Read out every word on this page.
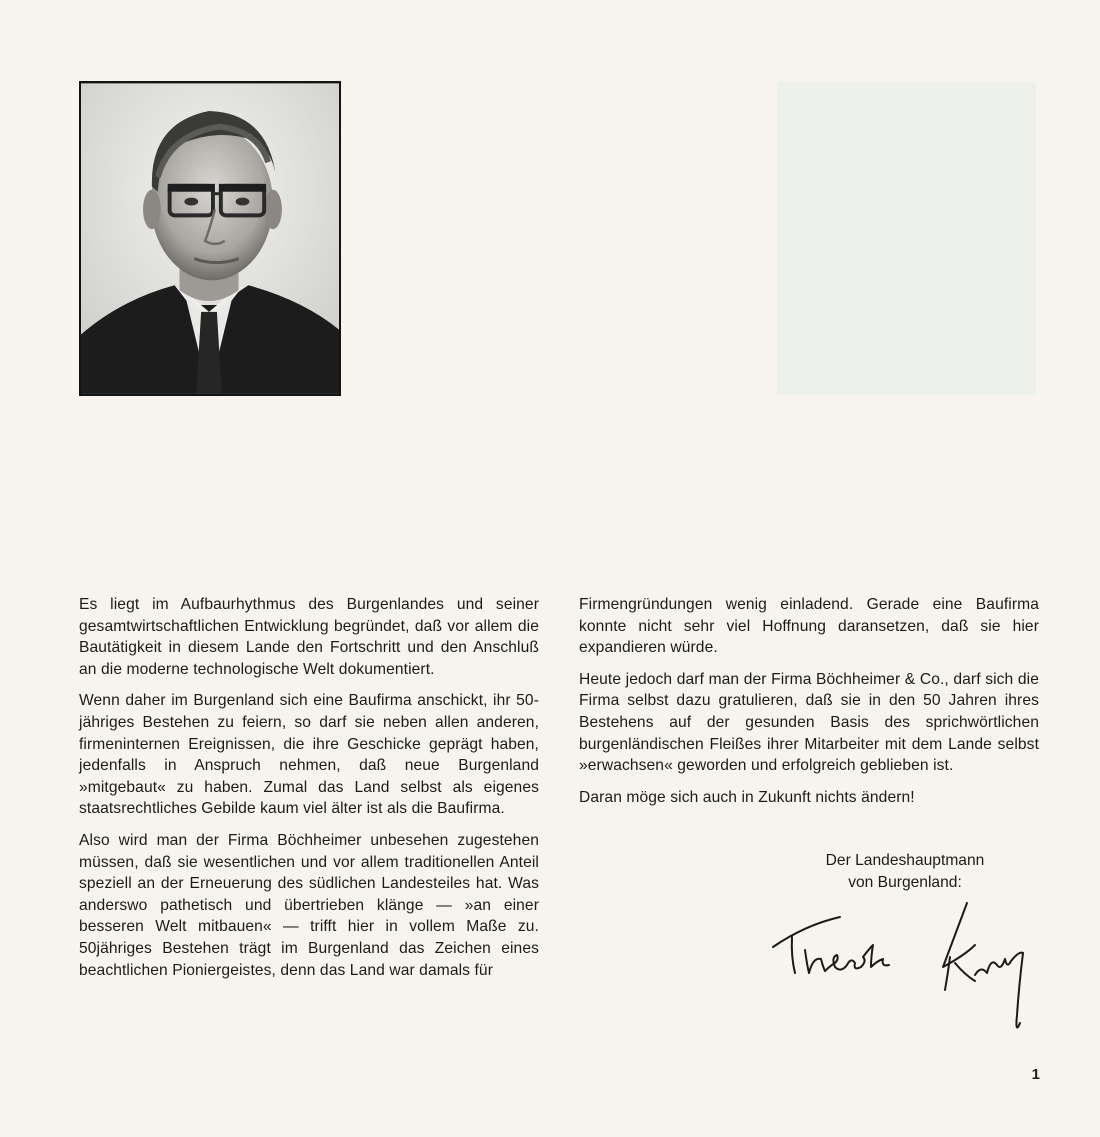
Es liegt im Aufbaurhythmus des Burgenlandes und seiner gesamtwirtschaftlichen Entwicklung begründet, daß vor allem die Bautätigkeit in diesem Lande den Fortschritt und den Anschluß an die moderne technologische Welt dokumentiert.

Wenn daher im Burgenland sich eine Baufirma anschickt, ihr 50-jähriges Bestehen zu feiern, so darf sie neben allen anderen, firmeninternen Ereignissen, die ihre Geschicke geprägt haben, jedenfalls in Anspruch nehmen, daß neue Burgenland »mitgebaut« zu haben. Zumal das Land selbst als eigenes staatsrechtliches Gebilde kaum viel älter ist als die Baufirma.

Also wird man der Firma Böchheimer unbesehen zugestehen müssen, daß sie wesentlichen und vor allem traditionellen Anteil speziell an der Erneuerung des südlichen Landesteiles hat. Was anderswo pathetisch und übertrieben klänge — »an einer besseren Welt mitbauen« — trifft hier in vollem Maße zu. 50jähriges Bestehen trägt im Burgenland das Zeichen eines beachtlichen Pioniergeistes, denn das Land war damals für

Firmengründungen wenig einladend. Gerade eine Baufirma konnte nicht sehr viel Hoffnung daransetzen, daß sie hier expandieren würde.

Heute jedoch darf man der Firma Böchheimer & Co., darf sich die Firma selbst dazu gratulieren, daß sie in den 50 Jahren ihres Bestehens auf der gesunden Basis des sprichwörtlichen burgenländischen Fleißes ihrer Mitarbeiter mit dem Lande selbst »erwachsen« geworden und erfolgreich geblieben ist.

Daran möge sich auch in Zukunft nichts ändern!

Der Landeshauptmann
von Burgenland:
1
